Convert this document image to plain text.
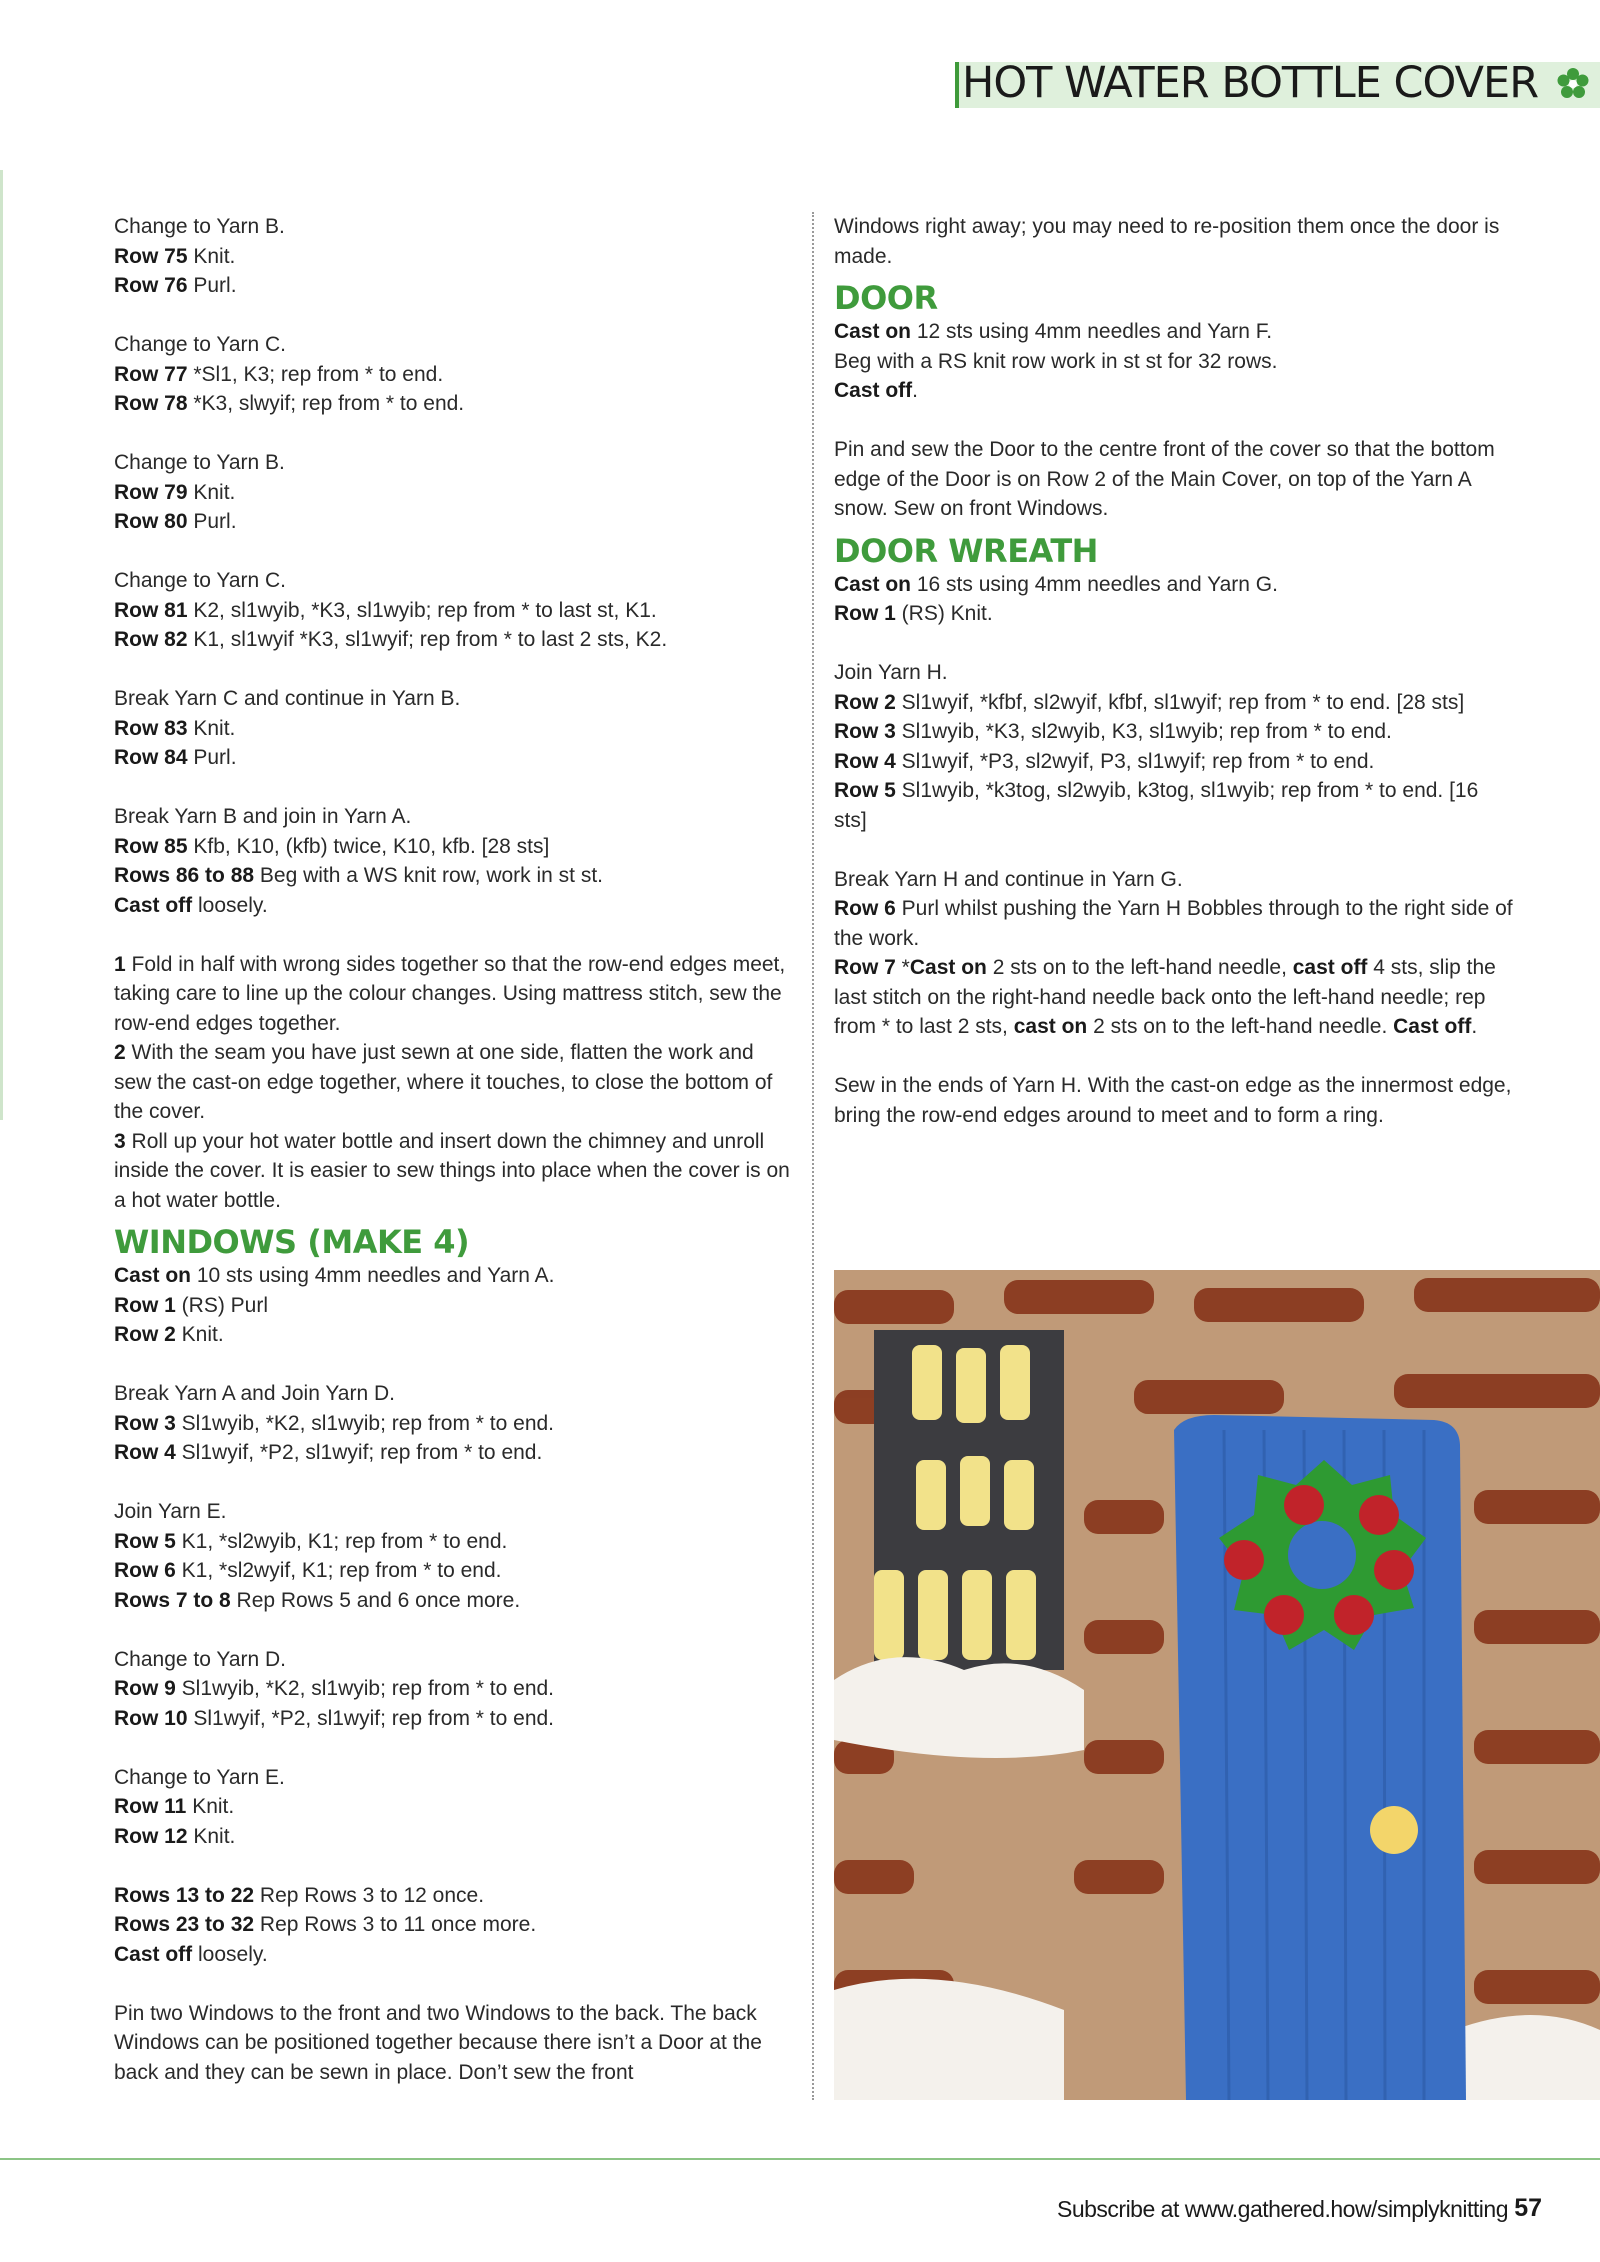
HOT WATER BOTTLE COVER

Change to Yarn B.

Row 75 Knit.

Row 76 Purl.

Change to Yarn C.

Row 77 *Sl1, K3; rep from * to end.

Row 78 *K3, slwyif; rep from * to end.

Change to Yarn B.

Row 79 Knit.

Row 80 Purl.

Change to Yarn C.

Row 81 K2, sl1wyib, *K3, sl1wyib; rep from * to last st, K1.

Row 82 K1, sl1wyif *K3, sl1wyif; rep from * to last 2 sts, K2.

Break Yarn C and continue in Yarn B.

Row 83 Knit.

Row 84 Purl.

Break Yarn B and join in Yarn A.

Row 85 Kfb, K10, (kfb) twice, K10, kfb. [28 sts]

Rows 86 to 88 Beg with a WS knit row, work in st st.

Cast off loosely.

1 Fold in half with wrong sides together so that the row-end edges meet, taking care to line up the colour changes. Using mattress stitch, sew the row-end edges together.

2 With the seam you have just sewn at one side, flatten the work and sew the cast-on edge together, where it touches, to close the bottom of the cover.

3 Roll up your hot water bottle and insert down the chimney and unroll inside the cover. It is easier to sew things into place when the cover is on a hot water bottle.

WINDOWS (MAKE 4)

Cast on 10 sts using 4mm needles and Yarn A.

Row 1 (RS) Purl

Row 2 Knit.

Break Yarn A and Join Yarn D.

Row 3 Sl1wyib, *K2, sl1wyib; rep from * to end.

Row 4 Sl1wyif, *P2, sl1wyif; rep from * to end.

Join Yarn E.

Row 5 K1, *sl2wyib, K1; rep from * to end.

Row 6 K1, *sl2wyif, K1; rep from * to end.

Rows 7 to 8 Rep Rows 5 and 6 once more.

Change to Yarn D.

Row 9 Sl1wyib, *K2, sl1wyib; rep from * to end.

Row 10 Sl1wyif, *P2, sl1wyif; rep from * to end.

Change to Yarn E.

Row 11 Knit.

Row 12 Knit.

Rows 13 to 22 Rep Rows 3 to 12 once.

Rows 23 to 32 Rep Rows 3 to 11 once more.

Cast off loosely.

Pin two Windows to the front and two Windows to the back. The back Windows can be positioned together because there isn’t a Door at the back and they can be sewn in place. Don’t sew the front

Windows right away; you may need to re-position them once the door is made.

DOOR

Cast on 12 sts using 4mm needles and Yarn F.

Beg with a RS knit row work in st st for 32 rows.

Cast off.

Pin and sew the Door to the centre front of the cover so that the bottom edge of the Door is on Row 2 of the Main Cover, on top of the Yarn A snow. Sew on front Windows.

DOOR WREATH

Cast on 16 sts using 4mm needles and Yarn G.

Row 1 (RS) Knit.

Join Yarn H.

Row 2 Sl1wyif, *kfbf, sl2wyif, kfbf, sl1wyif; rep from * to end. [28 sts]

Row 3 Sl1wyib, *K3, sl2wyib, K3, sl1wyib; rep from * to end.

Row 4 Sl1wyif, *P3, sl2wyif, P3, sl1wyif; rep from * to end.

Row 5 Sl1wyib, *k3tog, sl2wyib, k3tog, sl1wyib; rep from * to end. [16 sts]

Break Yarn H and continue in Yarn G.

Row 6 Purl whilst pushing the Yarn H Bobbles through to the right side of the work.

Row 7 *Cast on 2 sts on to the left-hand needle, cast off 4 sts, slip the last stitch on the right-hand needle back onto the left-hand needle; rep from * to last 2 sts, cast on 2 sts on to the left-hand needle. Cast off.

Sew in the ends of Yarn H. With the cast-on edge as the innermost edge, bring the row-end edges around to meet and to form a ring.

Subscribe at www.gathered.how/simplyknitting 57
